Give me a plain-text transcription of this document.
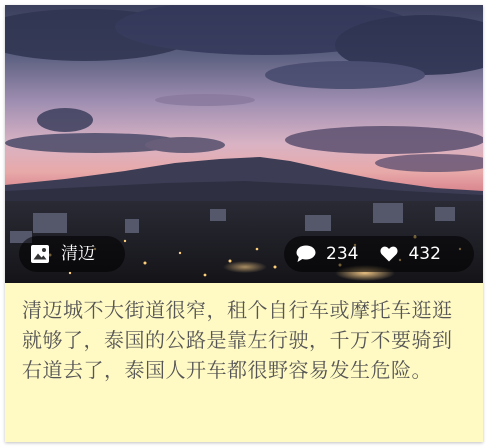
清迈	234	432

清迈城不大街道很窄，租个自行车或摩托车逛逛就够了，泰国的公路是靠左行驶，千万不要骑到右道去了，泰国人开车都很野容易发生危险。
